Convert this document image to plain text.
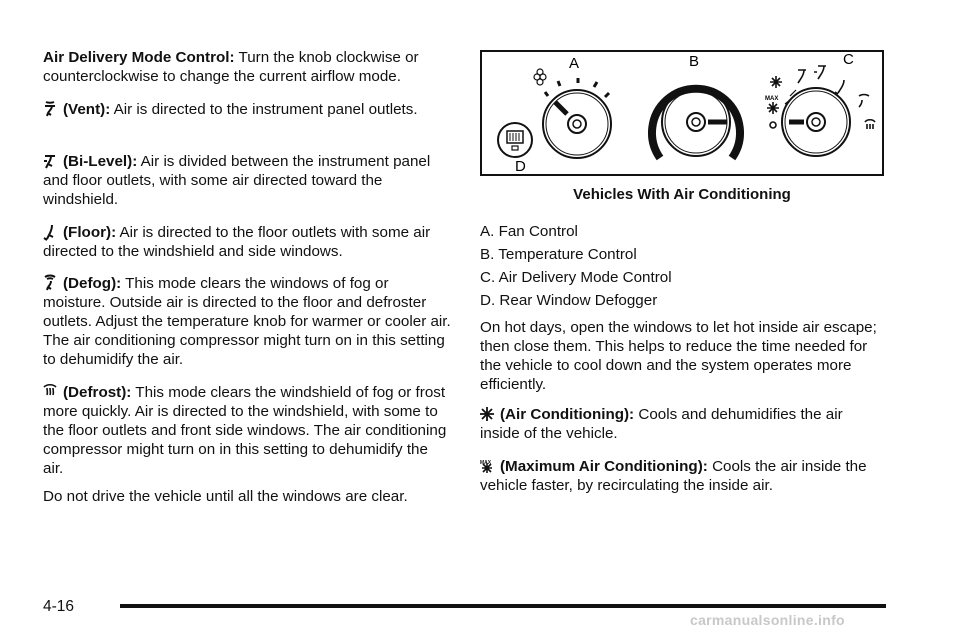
Air Delivery Mode Control: Turn the knob clockwise or counterclockwise to change the current airflow mode.

(Vent): Air is directed to the instrument panel outlets.

(Bi-Level): Air is divided between the instrument panel and floor outlets, with some air directed toward the windshield.

(Floor): Air is directed to the floor outlets with some air directed to the windshield and side windows.

(Defog): This mode clears the windows of fog or moisture. Outside air is directed to the floor and defroster outlets. Adjust the temperature knob for warmer or cooler air. The air conditioning compressor might turn on in this setting to dehumidify the air.

(Defrost): This mode clears the windshield of fog or frost more quickly. Air is directed to the windshield, with some to the floor outlets and front side windows. The air conditioning compressor might turn on in this setting to dehumidify the air.

Do not drive the vehicle until all the windows are clear.

A
D
B	C
MAX
Vehicles With Air Conditioning

A. Fan Control

B. Temperature Control

C. Air Delivery Mode Control

D. Rear Window Defogger

On hot days, open the windows to let hot inside air escape; then close them. This helps to reduce the time needed for the vehicle to cool down and the system operates more efficiently.

(Air Conditioning): Cools and dehumidifies the air inside of the vehicle.

MAX (Maximum Air Conditioning): Cools the air inside the vehicle faster, by recirculating the inside air.

4-16
carmanualsonline.info
